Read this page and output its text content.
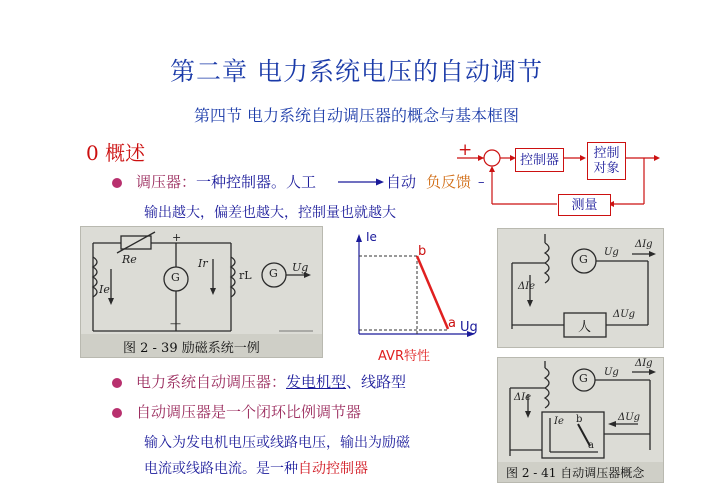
第二章 电力系统电压的自动调节
第四节 电力系统自动调压器的概念与基本框图
0 概述
调压器：一种控制器。人工	自动 负反馈
输出越大，偏差也越大，控制量也就越大
+
–
控制器	控制
对象
测量
Re
Ie
Ir
rL
G	G Ug
+
—
图 2 - 39 励磁系统一例
Ie
b
a Ug
AVR特性
G
Ug
ΔIg
ΔIe
ΔUg
人
G Ug
ΔIg
ΔIe
ΔUg
Ie b
a
图 2 - 41 自动调压器概念
电力系统自动调压器：发电机型、线路型
自动调压器是一个闭环比例调节器
输入为发电机电压或线路电压，输出为励磁
电流或线路电流。是一种自动控制器
